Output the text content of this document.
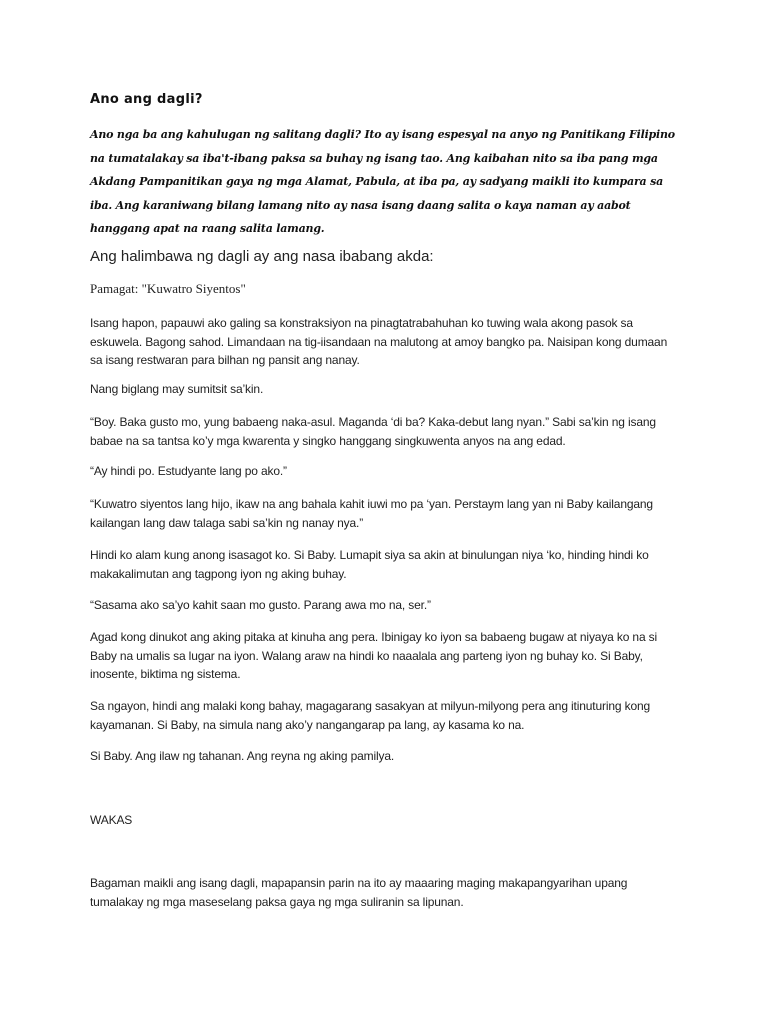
Ano ang dagli?

Ano nga ba ang kahulugan ng salitang dagli? Ito ay isang espesyal na anyo ng Panitikang Filipino na tumatalakay sa iba't-ibang paksa sa buhay ng isang tao. Ang kaibahan nito sa iba pang mga Akdang Pampanitikan gaya ng mga Alamat, Pabula, at iba pa, ay sadyang maikli ito kumpara sa iba. Ang karaniwang bilang lamang nito ay nasa isang daang salita o kaya naman ay aabot hanggang apat na raang salita lamang.

Ang halimbawa ng dagli ay ang nasa ibabang akda:

Pamagat: "Kuwatro Siyentos"

Isang hapon, papauwi ako galing sa konstraksiyon na pinagtatrabahuhan ko tuwing wala akong pasok sa eskuwela. Bagong sahod. Limandaan na tig-iisandaan na malutong at amoy bangko pa. Naisipan kong dumaan sa isang restwaran para bilhan ng pansit ang nanay.

Nang biglang may sumitsit sa’kin.

“Boy. Baka gusto mo, yung babaeng naka-asul. Maganda ‘di ba? Kaka-debut lang nyan.” Sabi sa’kin ng isang babae na sa tantsa ko’y mga kwarenta y singko hanggang singkuwenta anyos na ang edad.

“Ay hindi po. Estudyante lang po ako.”

“Kuwatro siyentos lang hijo, ikaw na ang bahala kahit iuwi mo pa ‘yan. Perstaym lang yan ni Baby kailangang kailangan lang daw talaga sabi sa’kin ng nanay nya.”

Hindi ko alam kung anong isasagot ko. Si Baby. Lumapit siya sa akin at binulungan niya ‘ko, hinding hindi ko makakalimutan ang tagpong iyon ng aking buhay.

“Sasama ako sa’yo kahit saan mo gusto. Parang awa mo na, ser.”

Agad kong dinukot ang aking pitaka at kinuha ang pera. Ibinigay ko iyon sa babaeng bugaw at niyaya ko na si Baby na umalis sa lugar na iyon. Walang araw na hindi ko naaalala ang parteng iyon ng buhay ko. Si Baby, inosente, biktima ng sistema.

Sa ngayon, hindi ang malaki kong bahay, magagarang sasakyan at milyun-milyong pera ang itinuturing kong kayamanan. Si Baby, na simula nang ako’y nangangarap pa lang, ay kasama ko na.

Si Baby. Ang ilaw ng tahanan. Ang reyna ng aking pamilya.

WAKAS

Bagaman maikli ang isang dagli, mapapansin parin na ito ay maaaring maging makapangyarihan upang tumalakay ng mga maseselang paksa gaya ng mga suliranin sa lipunan.
